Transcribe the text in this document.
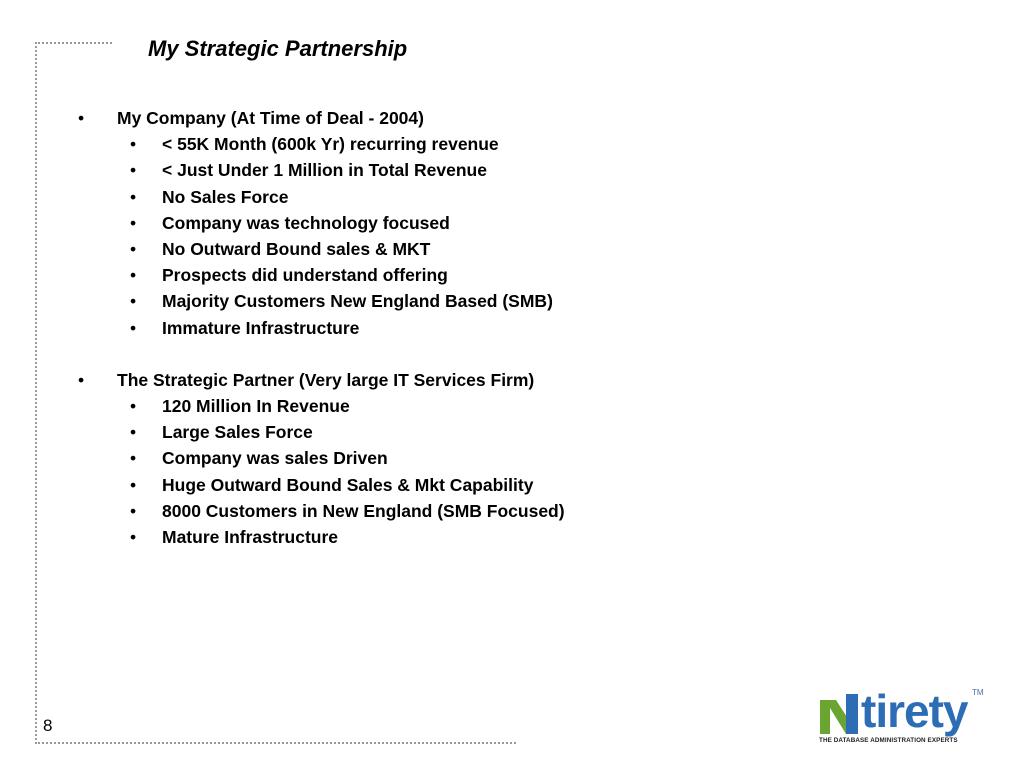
My Strategic Partnership
• My Company (At Time of Deal - 2004)
• < 55K Month (600k Yr) recurring revenue
• < Just Under 1 Million in Total Revenue
• No Sales Force
• Company was technology focused
• No Outward Bound sales & MKT
• Prospects did understand offering
• Majority Customers New England Based (SMB)
• Immature Infrastructure
• The Strategic Partner (Very large IT Services Firm)
• 120 Million In Revenue
• Large Sales Force
• Company was sales Driven
• Huge Outward Bound Sales & Mkt Capability
• 8000 Customers in New England (SMB Focused)
• Mature Infrastructure
8	tirety TM
THE DATABASE ADMINISTRATION EXPERTS
